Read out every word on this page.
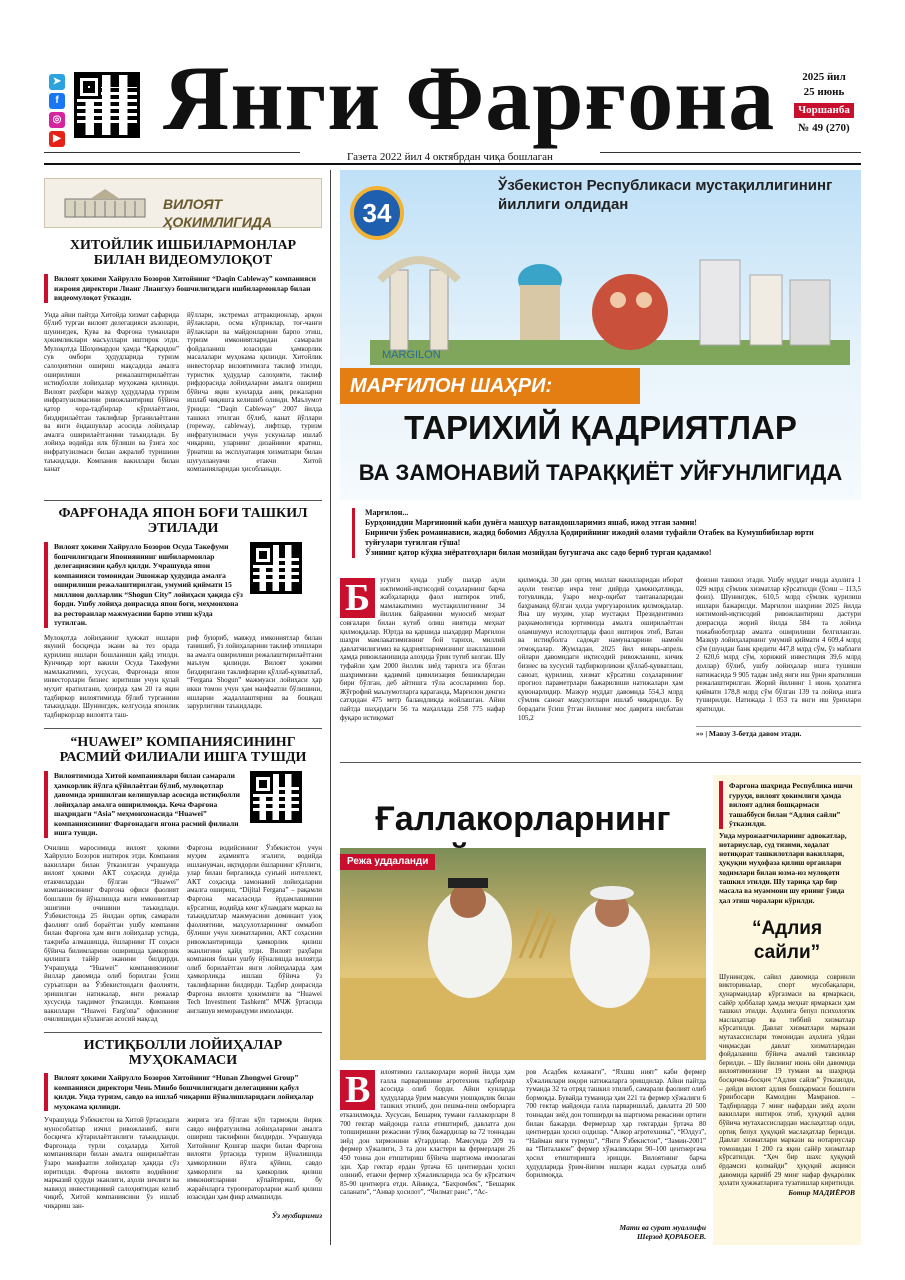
➤
f
◎
▶ Янги Фарғона	2025 йил
25 июнь
Чоршанба
№ 49 (270)
Газета 2022 йил 4 октябрдан чиқа бошлаган
ВИЛОЯТ ҲОКИМЛИГИДА
ХИТОЙЛИК ИШБИЛАРМОНЛАР БИЛАН ВИДЕОМУЛОҚОТ
Вилоят ҳокими Хайрулло Бозоров Хитойнинг “Daqin Cableway” компанияси ижроия директори Лианг Лиангхуэ бошчилигидаги ишбилармонлар билан видеомулоқот ўтказди.
Унда айни пайтда Хитойда хизмат сафарида бўлиб турган вилоят делегацияси аъзолари, шунингдек, Қува ва Фарғона туманлари ҳокимликлари масъуллари иштирок этди. Мулоқотда Шоҳимардон ҳамда “Қарқидон” сув омбори ҳудудларида туризм салоҳиятини ошириш мақсадида амалга оширилиши режалаштирилаётган истиқболли лойиҳалар муҳокама қилинди. Вилоят раҳбари мазкур ҳудудларда туризм инфратузилмасини ривожлантириш бўйича қатор чора-тадбирлар кўрилаётгани, биздирилаётган таклифлар ўрганилаётгани ва янги ёндашувлар асосида лойиҳалар амалга оширилаётганини таъкидлади. Бу лойиҳа водийда илк бўлиши ва ўзига хос инфратузилмаси билан ажралиб туришини таъкидлади. Компания вакиллари билан канат
йўллари, экстремал аттракционлар, арқон йўлаклари, осма кўприклар, тоғ-чанғи йўлаклари ва майдонларини барпо этиш, туризм имкониятларидан самарали фойдаланиш юзасидан ҳамкорлик масалалари муҳокама қилинди. Хитойлик инвесторлар вилоятимизга таклиф этилди, туристик ҳудудлар салоҳияти, таклиф рифдорасида лойиҳаларни амалга ошириш бўйича яқин кунларда аниқ режаларни ишлаб чиқишга келишиб олинди. Маълумот ўрнида: “Daqin Cableway” 2007 йилда ташкил этилган бўлиб, канат йўллари (ropeway, cableway), лифтлар, туризм инфратузилмаси учун ускуналар ишлаб чиқариш, уларнинг дизайнини яратиш, ўрнатиш ва эксплуатация хизматлари билан шуғулланувчи етакчи Хитой компанияларидан ҳисобланади.
ФАРҒОНАДА ЯПОН БОҒИ ТАШКИЛ ЭТИЛАДИ
Вилоят ҳокими Хайрулло Бозоров Осуда Такефуми бошчилигидаги Японияниинг ишбилармонлар делегациясини қабул қилди. Учрашувда япон компанияси томонидан Эшонжар ҳудудида амалга оширилиши режалаштирилган, умумий қиймати 15 миллион долларлик “Shogun City” лойиҳаси ҳақида сўз борди. Ушбу лойиҳа доирасида япон боғи, меҳмонхона ва ресторанлар мажмуасини барпо этиш кўзда тутилган.
Мулоқотда лойиҳанинг ҳужжат ишлари якуний босқичда экани ва тез орада қурилиш ишлари бошланиши қайд этилди. Кунчиқар юрт вакили Осуда Такефуми мамлакатимиз, хусусан, Фарғонада япон инвесторлари бизнес юритиши учун қулай муҳит яратилгани, ҳозирда ҳам 20 га яқин тадбиркор вилоятимизда бўлиб турганини таъкидлади. Шунингдек, келгусида японлик тадбиркорлар вилоятга таш-
риф буюриб, мавжуд имкониятлар билан танишиб, ўз лойиҳаларини таклиф этишлари ва амалга оширилиши режалаштирилаётгани маълум қилинди. Вилоят ҳокими биздиригани таклифларни қўллаб-қувватлаб, “Fergana Shogun” мажмуаси лойиҳаси ҳар икки томон учун ҳам манфаатли бўлишини, ишларни жадаллаштириш ва бошқаш зарурлигини таъкидлади.
“HUAWEI” КОМПАНИЯСИНИНГ РАСМИЙ ФИЛИАЛИ ИШГА ТУШДИ
Вилоятимизда Хитой компаниялари билан самарали ҳамкорлик йўлга қўйилаётган бўлиб, мулоқотлар давомида эришилган келишувлар асосида истиқболли лойиҳалар амалга оширилмоқда. Кеча Фарғона шаҳридаги “Asia” меҳмонхонасида “Huawei” компаниясининг Фарғонадаги ягона расмий филиали ишга тушди.
Очилиш маросимида вилоят ҳокими Хайрулло Бозоров иштирок этди. Компания вакиллари билан ўтказилган учрашувда вилоят ҳокими АКТ соҳасида дунёда етакчилардан бўлган “Huawei” компаниясининг Фарғона офиси фаолият бошлаши бу йўналишда янги имкониятлар эшигини очишини таъкидлади. Ўзбекистонда 25 йилдан ортиқ самарали фаолият олиб бораётган ушбу компания билан Фарғона ҳам янги лойиҳалар устида, тажриба алмашишда, ёшларнинг IT соҳаси бўйича билимларини оширишда ҳамкорлик қилишга тайёр эканини билдирди. Учрашувда “Huawei” компаниясининг йиллар давомида олиб борилган ўсиш суръатлари ва Ўзбекистондаги фаолияти, эришилган натижалар, янги режалар хусусида тақдимот ўтказилди. Компания вакиллари “Huawei Farg'ona” офисининг очилишидан кўзланган асосий мақсад
Фарғона водийсининг Ўзбекистон учун муҳим аҳамиятга эгалиги, водийда ишланувчан, иқтидорли ёшларнинг кўплиги, улар билан биргаликда сунъий интеллект, АКТ соҳасида замонавий лойиҳаларни амалга ошириш, “Dijital Fergana” – рақамли Фарғона масаласида ёрдамлашишни кўрсатиш, водийда кенг кўламдаги марказ ва таъкидлатлар мажмуасини доминант узоқ фаолиятини, маҳсулотларининг оммабоп бўлиши учун хизматларини, АКТ соҳасини ривожлантиришда ҳамкорлик қилиш эканлигини қайд этди. Вилоят раҳбари компания билан ушбу йўналишда вилоятда олиб борилаётган янги лойиҳаларда ҳам ҳамкорликда ишлаш бўйича ўз таклифларини билдирди. Тадбир доирасида Фарғона вилояти ҳокимлиги ва “Huawei Tech Investment Tashkent” МЧЖ ўртасида англашув меморандуми имзоланди.
ИСТИҚБОЛЛИ ЛОЙИҲАЛАР МУҲОКАМАСИ
Вилоят ҳокими Хайрулло Бозоров Хитойнинг “Hunan Zhongwei Group” компанияси директори Чень Минбо бошчилигидаги делегацияни қабул қилди. Унда туризм, савдо ва ишлаб чиқариш йўналишларидаги лойиҳалар муҳокама қилинди.
Учрашувда Ўзбекистон ва Хитой ўртасидаги мунособатлар изчил ривожланиб, янги босқичга кўтарилаётганлиги таъкидланди. Фарғонада турли соҳаларда Хитой компаниялари билан амалга оширилаётган ўзаро манфаатли лойиҳалар ҳақида сўз юритилди. Фарғона вилояти водийнинг марказий ҳудуди эканлиги, аҳоли зичлиги ва мавжуд инвестициявий салоҳиятидан келиб чиқиб, Хитой компаниясини ўз ишлаб чиқариш зан-
жирига эга бўлган кўп тармоқли йирик савдо инфратузилма лойиҳаларини амалга ошириш таклифини билдирди. Учрашувда Хитойнинг Қошғар шаҳри билан Фарғона вилояти ўртасида туризм йўналишида ҳамкорликни йўлга қўйиш, савдо ҳамкорлиги ва ҳамкорлик қилиш имкониятларини кўпайтириш, бу жараёнларга туроператорларни жалб қилиш юзасидан ҳам фикр алмашилди.
Ўз мухбиримиз
34
Ўзбекистон Республикаси мустақиллигининг йиллиги олдидан
MARGILON
МАРҒИЛОН ШАҲРИ:
ТАРИХИЙ ҚАДРИЯТЛАР
ВА ЗАМОНАВИЙ ТАРАҚҚИЁТ УЙҒУНЛИГИДА
Марғилон...
Бурҳониддин Марғиноний каби дунёга машҳур ватандошларимиз яшаб, ижод этган замин!
Биринчи ўзбек романнависи, жадид бобомиз Абдулла Қодирийнинг ижодий олами туфайли Отабек ва Кумушбибилар юрти туйғулари туғилган гўша!
Ўзининг қатор кўҳна зиёратгоҳлари билан мозийдан бугунгача акс садо бериб турган қадамжо!
Б	угунги кунда ушбу шаҳар аҳли ижтимоий-иқтисодий соҳаларнинг барча жабҳаларида фаол иштирок этиб, мамлакатимиз мустақиллигининг 34 йиллик байрамини муносиб меҳнат совғалари билан кутиб олиш ниятида меҳнат қилмоқдалар. Юртда ва қаршида шаҳардир Марғилон шаҳри мамлакатимизнинг бой тарихи, миллий давлатчилигимиз ва қадриятларимизнинг шакллашини ҳамда ривожланишида алоҳида ўрин тутиб келган. Шу туфайли ҳам 2000 йиллик зиёд тарихга эга бўлган шаҳримизни қадимий цивилизация бешикларидан бири бўлган, деб айтишга тўла асосларимиз бор. Жўғрофий маълумотларга қараганда, Марғилон денгиз сатҳидан 475 метр баландликда жойлашган. Айни пайтда шаҳардаги 56 та маҳаллада 258 775 нафар фуқаро истиқомат
қилмоқда. 30 дан ортиқ миллат вакилларидан иборат аҳоли тенглар ичра тенг дийрда ҳамжиҳатликда, тотувликда, ўзаро меҳр-оқибат тантаналаридан баҳраманд бўлган ҳолда умргузаронлик қилмоқдалар. Яна шу муҳим, улар мустақил Президентимиз раҳнамолигида юртимизда амалга оширилаётган оламшумул ислоҳотларда фаол иштирок этиб, Ватан ва истиқболга садоқат намуналарини намоён этмоқдалар. Жумладан, 2025 йил январь-апрель ойлари давомидаги иқтисодий ривожланиш, кичик бизнес ва хусусий тадбиркорликни қўллаб-қувватлаш, саноат, қурилиш, хизмат кўрсатиш соҳаларининг прогноз параметрлари бажарилиши натижалари ҳам қувонарлидир. Мазкур муддат давомида 554,3 млрд сўмлик саноат маҳсулотлари ишлаб чиқарилди. Бу борадаги ўсиш ўтган йилнинг мос даврига нисбатан 105,2
фоизни ташкил этади. Ушбу муддат ичида аҳолига 1 029 млрд сўмлик хизматлар кўрсатилди (ўсиш – 113,5 фоиз). Шунингдек, 610,5 млрд сўмлик қурилиш ишлари бажарилди. Марғилон шаҳрини 2025 йилда ижтимоий-иқтисодий ривожлантириш дастури доирасида жорий йилда 584 та лойиҳа тижабноботрлар амалга оширилиши белгиланган. Мазкур лойиҳаларнинг умумий қиймати 4 609,4 млрд сўм (шундан банк кредити 447,8 млрд сўм, ўз маблағи 2 620,6 млрд сўм, хорижий инвестиция 39,6 млрд доллар) бўлиб, ушбу лойиҳалар ишга тушиши натижасида 9 905 тадан зиёд янги иш ўрни яратилиши режалаштирилган. Жорий йилнинг 1 июнь ҳолатига қиймати 178,8 млрд сўм бўлган 139 та лойиҳа ишга туширилди. Натижада 1 053 та янги иш ўринлари яратилди.
»» | Мавзу 3-бетда давом этади.
Ғаллакорларнинг
Режа уддаланди
В	илоятимиз ғаллакорлари жорий йилда ҳам ғалла парваришини агротехник тадбирлар асосида олиб борди. Айни кунларда ҳудудларда ўрим мавсуми уюшқоқлик билан ташкил этилиб, дон пешма-пеш омборларга етказилмоқда. Хусусан, Бешариқ тумани ғаллакорлари 8 700 гектар майдонда ғалла етиштириб, давлатга дон топширишни режасини тўлиқ бажардилар ва 72 тоннадан зиёд дон хирмонини кўтардилар. Мамсумда 209 та фермер хўжалиги, 3 та дон кластери ва фермерлари 26 450 тонна дон етиштириш бўйича шартнома имзолаган эди. Ҳар гектар ердан ўртача 65 центнердан ҳосил олиниб, етакчи фермер хўжаликларида эса бу кўрсаткич 85-90 центнерга етди. Айниқса, “Бахромбек”, “Бешарик саланати”, “Анвар ҳосилот”, “Чилмат ранс”, “Ас-
ров Асадбек келажаги”, “Яхшш ният” каби фермер хўжаликлари юқори натижаларга эришдилар. Айни пайтда туманда 32 та отряд ташкил этилиб, самарали фаолият олиб бормоқда. Бувайда туманида ҳам 221 та фермер хўжалиги 6 700 гектар майдонда ғалла парваришлаб, давлатга 20 500 тоннадан зиёд дон топширди ва шартнома режасини ортиғи билан бажарди. Фермерлар ҳар гектардан ўртача 80 центнердан ҳосил олдилар. “Алкор агротехника”, “Юлдуз”, “Найман янги турмуш”, “Янги Ўзбекистон”, “Замин-2001” ва “Питалакон” фермер хўжаликлари 90–100 центнергача ҳосил етиштиришга эришди. Вилоятнинг барча ҳудудларида ўрим-йиғим ишлари жадал суръатда олиб борилмоқда.
Мати ва сурат муаллифи
Шерзод ҚОРАБОЕВ.
Фарғона шаҳрида Республика ишчи гуруҳи, вилоят ҳокимлиги ҳамда вилоят адлия бошқармаси ташаббуси билан “Адлия сайли” ўтказилди.
Унда мурожаатчиларнинг адвокатлар, нотариуслар, суд тизими, ходалат нотиқорат ташкилотлари вакиллари, ҳуқуқни муҳофаза қилиш органлари ходимлари билан юзма-юз мулоқоти ташкил этилди. Шу тариқа ҳар бир масала ва муаммони шу ернинг ўзида ҳал этиш чоралари кўрилди.
“Адлия сайли”
Шунингдек, сайил давомида совринли викториналар, спорт мусобақалари, ҳунармандлар кўргазмаси ва ярмаркаси, сайёр ҳоббалар ҳамда меҳнат ярмаркаси ҳам ташкил этилди. Аҳолига бепул психологик маслаҳатлар ва тиббий хизматлар кўрсатилди. Давлат хизматлари маркази мутахассислари томонидан аҳолига уйдан чиқмасдан давлат хизматларидан фойдаланиш бўйича амалий тавсиялар берилди. – Шу йилнинг июнь ойи давомида вилоятимизнинг 19 тумани ва шаҳрида босқичма-босқич “Адлия сайли” ўтказилди, – дейди вилоят адлия бошқармаси бошлиғи ўринбосари Камолдин Мамранов. – Тадбирларда 7 минг нафардан зиёд аҳоли вакиллари иштирок этиб, ҳуқуқий адлия бўйича мутахассислардан маслаҳатлар олди, ортиқ бепул ҳуқуқий маслаҳатлар берилди. Давлат хизматлари маркази ва нотариуслар томонидан 1 200 га яқин сайёр хизматлар кўрсатилди. “Ҳеч бир шахс ҳуқуқий ёрдамсиз қолмайди” ҳуқуқий акцияси давомида қарийб 29 минг нафар фуқаролик ҳолати ҳужжатларига тузатишлар киритилди.
Ботир МАДИЁРОВ
